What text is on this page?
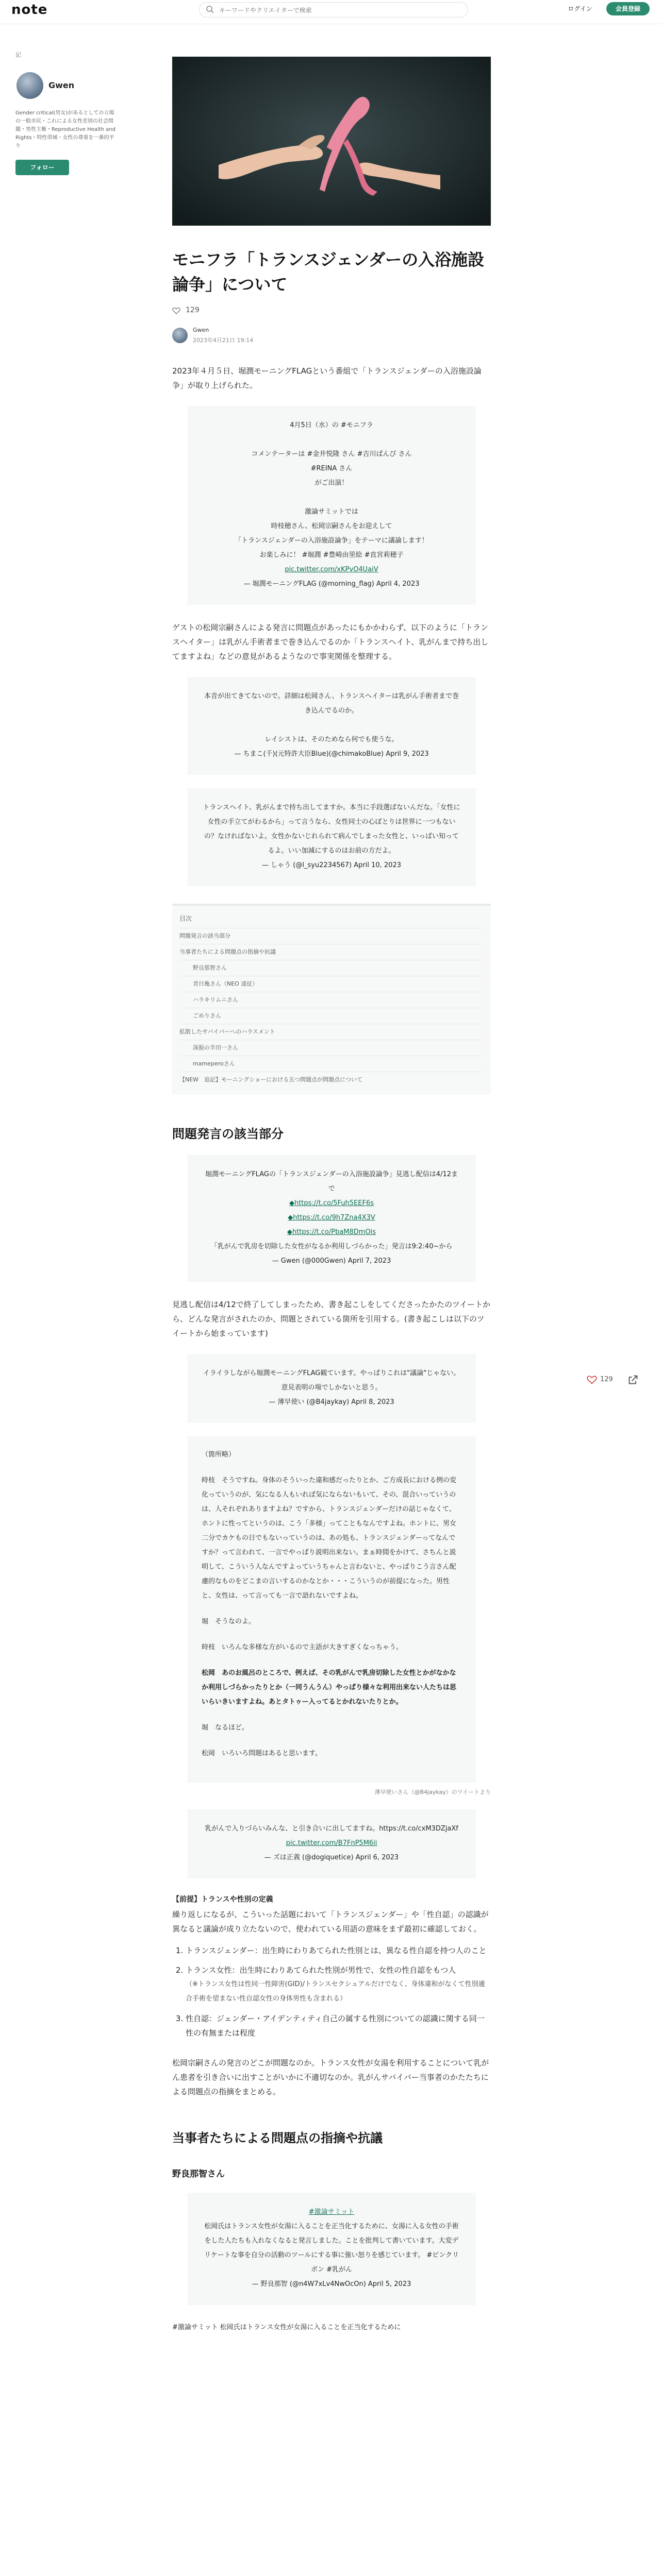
note
キーワードやクリエイターで検索	ログイン	会員登録
記
Gwen
Gender critical(男女)があるとしての立場の一般市民・これによる女性差別の社会問題・男性主権・Reproductive Health and Rights・特性帯域・女性の尊重を一番的平り
フォロー
モニフラ「トランスジェンダーの入浴施設論争」について
129
Gwen
2023年4月21日 19:14

2023年４月５日、堀潤モーニングFLAGという番組で「トランスジェンダーの入浴施設論争」が取り上げられた。

4月5日（水）の #モニフラ

コメンテーターは #金井悦隆 さん #吉川ばんび さん
#REINA さん
がご出演！

激論サミットでは
時枝穂さん、松岡宗嗣さんをお迎えして
「トランスジェンダーの入浴施設論争」をテーマに議論します！
お楽しみに！ #堀潤 #豊崎由里絵 #直宮莉穂子
pic.twitter.com/xKPvO4UaiV
— 堀潤モーニングFLAG (@morning_flag) April 4, 2023

ゲストの松岡宗嗣さんによる発言に問題点があったにもかかわらず、以下のように「トランスヘイター」は乳がん手術者まで巻き込んでるのか「トランスヘイト、乳がんまで持ち出してますよね」などの意見があるようなので事実関係を整理する。

本音が出てきてないので。詳細は松岡さん、トランスヘイターは乳がん手術者まで巻き込んでるのか。

レイシストは、そのためなら何でも使うな。
— ちまこ(千)(元特許大臣Blue)(@chimakoBlue) April 9, 2023
トランスヘイト、乳がんまで持ち出してますか。本当に手段選ばないんだな。「女性に女性の手立てがわるから」って言うなら、女性同士の心ぼとりは世界に一つもないの？なければないよ。女性かないじれられて病んでしまった女性と、いっぱい知ってるよ。いい加減にするのはお前の方だよ。
— しゃう (@l_syu2234567) April 10, 2023
目次
問題発言の該当部分
当事者たちによる問題点の指摘や抗議
野良那智さん
青日亀さん（NEO 遠征）
ハラキリムニさん
ごめりさん
拡散したサバイバーへのハラスメント
深振の半田一さん
mameperoさん
【NEW　追記】モーニングショーにおける五つ問題点が問題点について
問題発言の該当部分
堀潤モーニングFLAGの「トランスジェンダーの入浴施設論争」見逃し配信は4/12まで
◆https://t.co/5Fuh5EEF6s
◆https://t.co/9h7Zna4X3V
◆https://t.co/PbaM8DmOis
「乳がんで乳房を切除した女性がなるか利用しづらかった」発言は9:2:40~から
— Gwen (@000Gwen) April 7, 2023

見逃し配信は4/12で終了してしまったため、書き起こしをしてくださったかたのツイートから、どんな発言がされたのか、問題とされている箇所を引用する。(書き起こしは以下のツイートから始まっています)

イライラしながら堀潤モーニングFLAG観ています。やっぱりこれは"議論"じゃない。意見表明の場でしかないと思う。
— 薄早使い (@B4jaykay) April 8, 2023
（箇所略）
時枝　そうですね。身体のそういった違和感だったりとか、ご方成長における例の変化っていうのが、気になる人もいれば気にならないもいて、その、混合いっていうのは、人それぞれありますよね？ですから、トランスジェンダーだけの話じゃなくて、ホントに性ってというのは、こう「多様」ってこともなんですよね。ホントに、男女二分でカケもの日でもないっていうのは、あの処も、トランスジェンダーってなんですか？って言われて、一言でやっぱり説明出来ない。まぁ時間をかけて、さちんと説明して、こういう人なんですよっていうちゃんと言わないと、やっぱりこう言さん配慮的なものをどこまの言いするのかなとか・・・こういうのが前提になった。男性と、女性は、って言っても一言で語れないですよね。
堀　そうなのよ。
時枝　いろんな多様な方がいるので主語が大きすぎくなっちゃう。
松岡　あのお風呂のところで、例えば、その乳がんで乳房切除した女性とかがなかなか利用しづらかったりとか（一同うんうん）やっぱり様々な利用出来ない人たちは思いらいきいますよね。あとタトゥー入ってるとかれないたりとか。
堀　なるほど。
松岡　いろいろ問題はあると思います。
薄早使いさん（@B4jaykay）のツイートより
乳がんで入りづらいみんな、と引き合いに出してますね。https://t.co/cxM3DZjaXf
pic.twitter.com/B7FnP5M6ii
— ズは正義 (@dogiquetice) April 6, 2023
【前提】トランスや性別の定義

繰り返しになるが、こういった話題において「トランスジェンダー」や「性自認」の認識が異なると議論が成り立たないので、使われている用語の意味をまず最初に確認しておく。

1. トランスジェンダー：出生時にわりあてられた性別とは、異なる性自認を持つ人のこと
2. トランス女性：出生時にわりあてられた性別が男性で、女性の性自認をもつ人
（※トランス女性は性同一性障害(GID)/トランスセクシュアルだけでなく、身体違和がなくて性別適合手術を望まない性自認女性の身体男性も含まれる）
3. 性自認：ジェンダー・アイデンティティ自己の属する性別についての認識に関する同一性の有無または程度

松岡宗嗣さんの発言のどこが問題なのか。トランス女性が女湯を利用することについて乳がん患者を引き合いに出すことがいかに不適切なのか。乳がんサバイバー当事者のかたたちによる問題点の指摘をまとめる。

当事者たちによる問題点の指摘や抗議
野良那智さん
#激論サミット
松岡氏はトランス女性が女湯に入ることを正当化するために、女湯に入る女性の手術をした人たちも入れなくなると発言しました。ことを批判して書いています。大変デリケートな事を自分の活動のツールにする事に強い怒りを感じています。 #ピンクリボン #乳がん
— 野良那智 (@n4W7xLv4NwOcOn) April 5, 2023

#激論サミット 松岡氏はトランス女性が女湯に入ることを正当化するために

129
